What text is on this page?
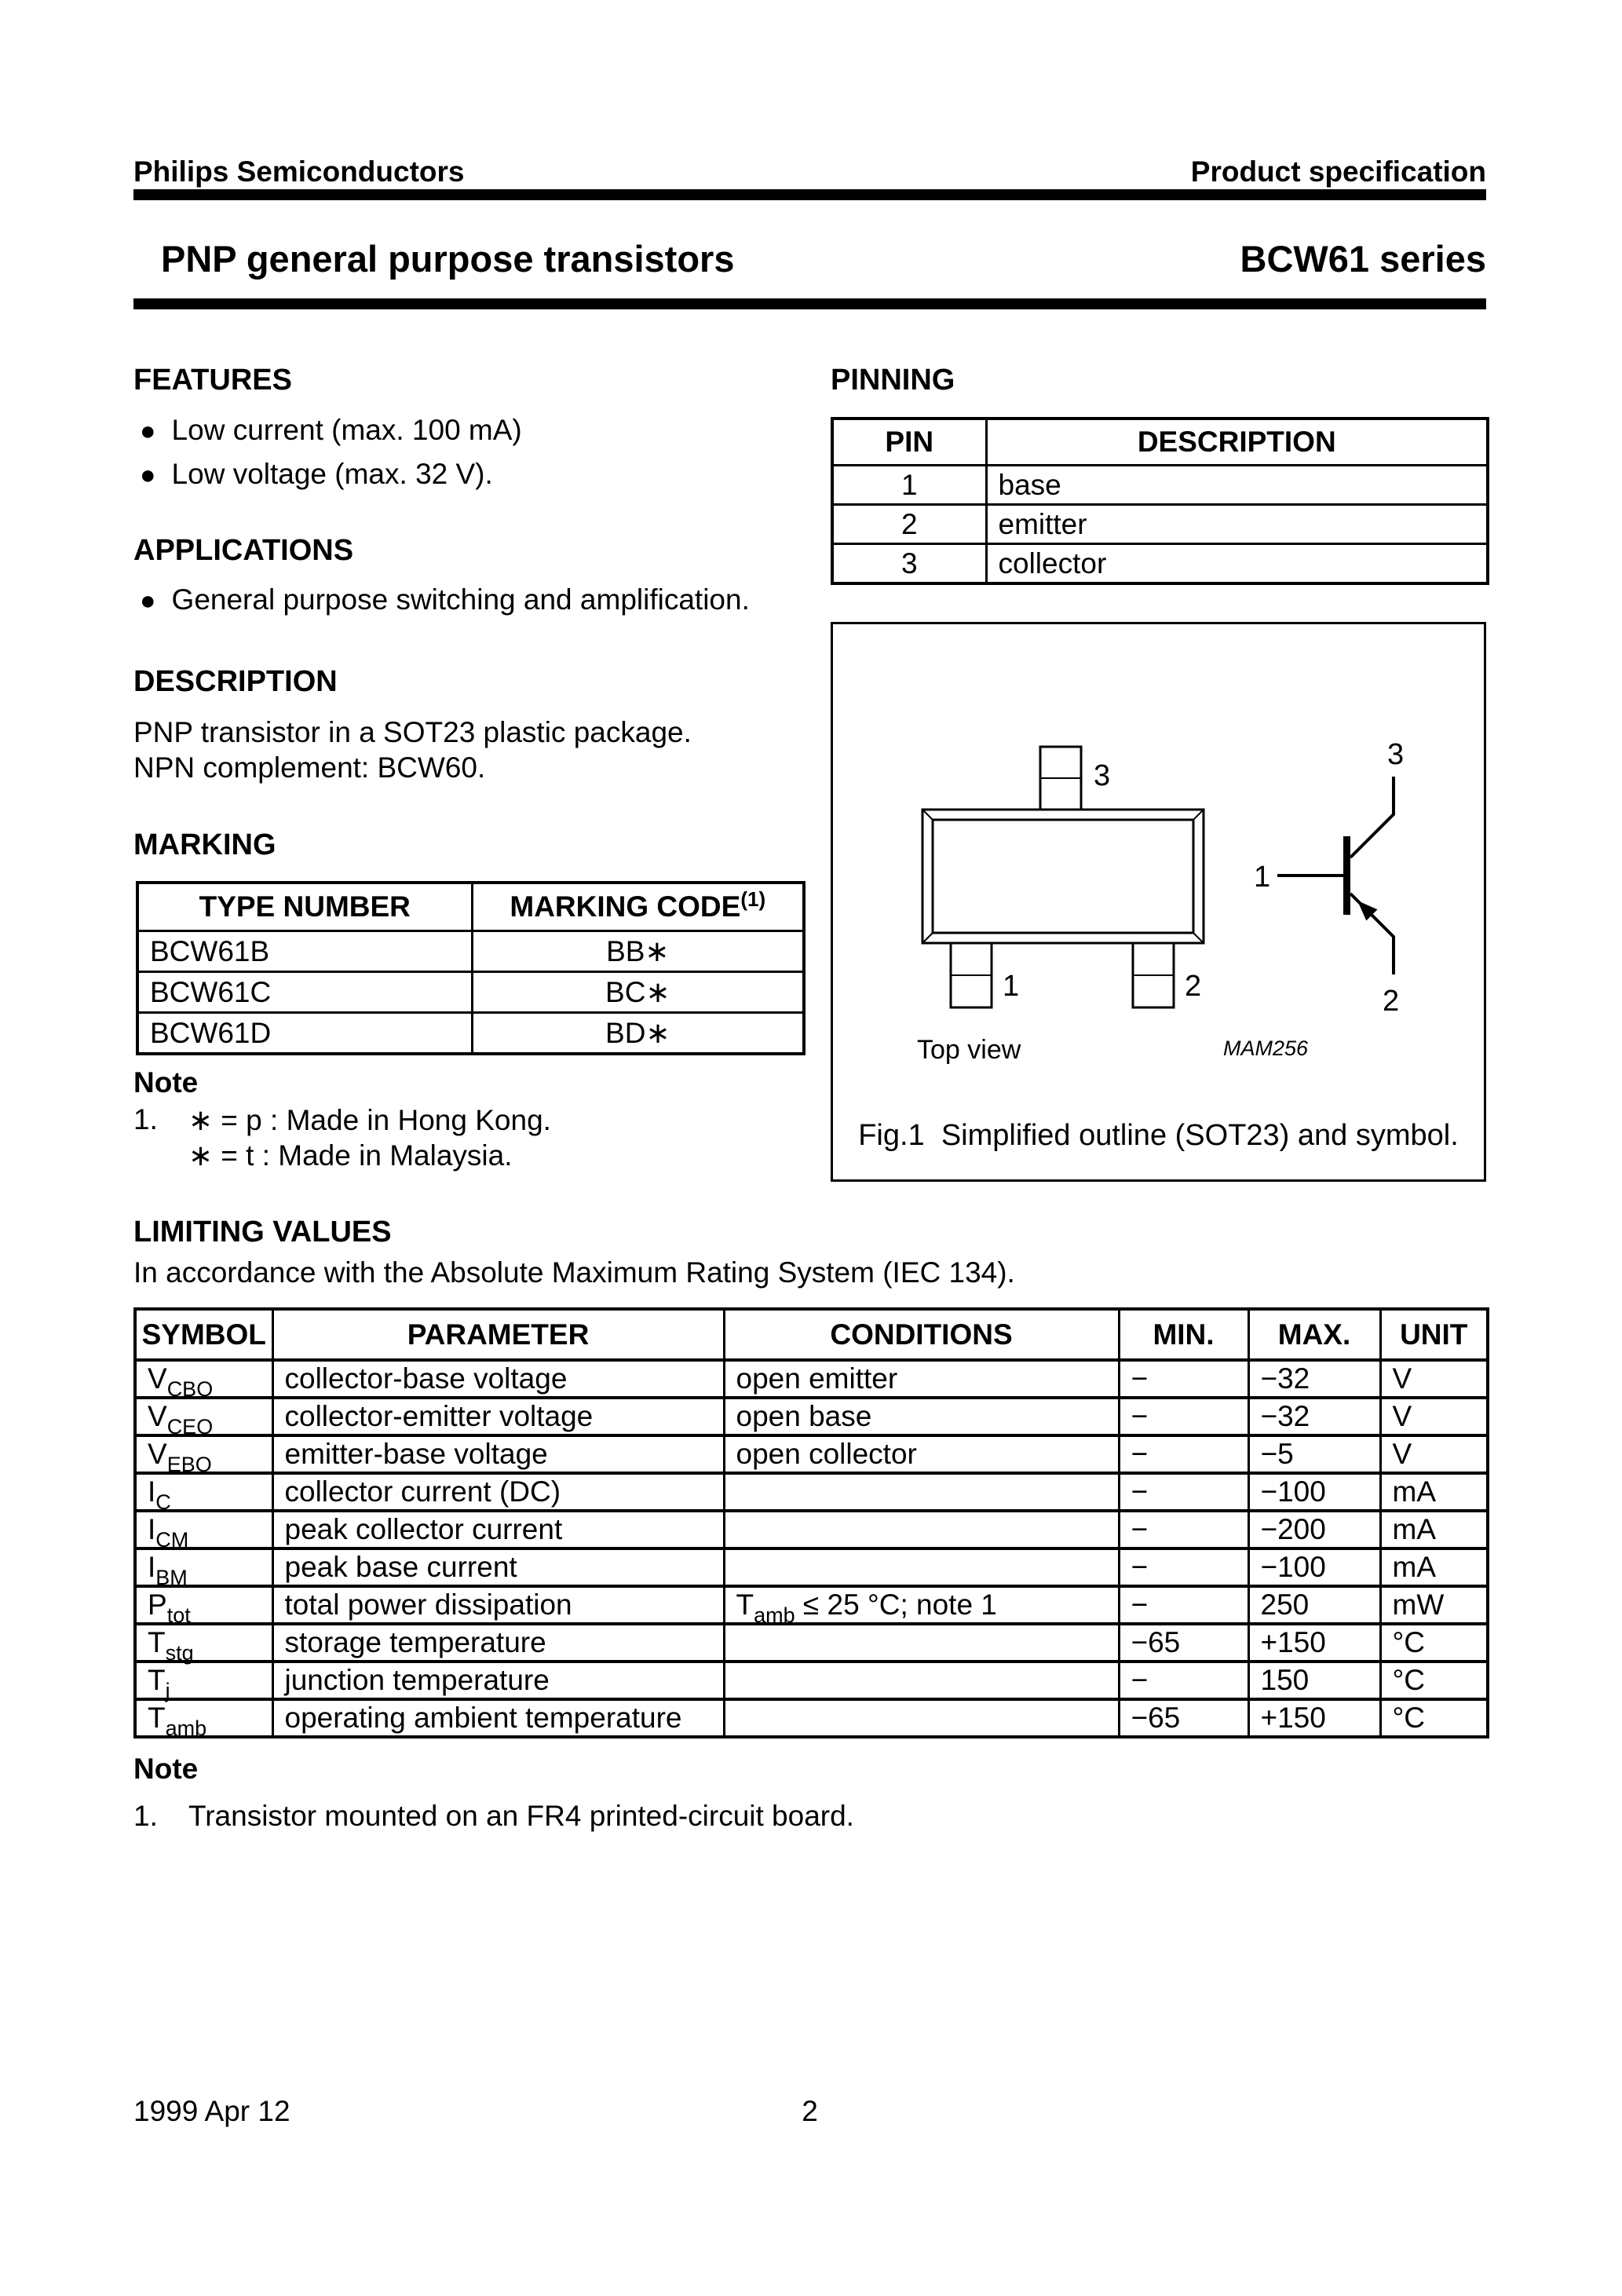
Philips Semiconductors	Product specification
PNP general purpose transistors	BCW61 series
FEATURES
● Low current (max. 100 mA)
● Low voltage (max. 32 V).
APPLICATIONS
● General purpose switching and amplification.
DESCRIPTION
PNP transistor in a SOT23 plastic package.
NPN complement: BCW60.
MARKING
TYPE NUMBER	MARKING CODE$^{(1)}$
BCW61B	BB∗
BCW61C	BC∗
BCW61D	BD∗
Note
1. ∗ = p : Made in Hong Kong.
∗ = t : Made in Malaysia.
PINNING
PIN	DESCRIPTION
1	base
2	emitter
3	collector
3
1	2
Top view	MAM256
1
3
2
Fig.1  Simplified outline (SOT23) and symbol.
LIMITING VALUES
In accordance with the Absolute Maximum Rating System (IEC 134).
SYMBOL	PARAMETER	CONDITIONS	MIN.	MAX.	UNIT
$V_{CBO}$	collector-base voltage	open emitter	−	−32	V
$V_{CEO}$	collector-emitter voltage	open base	−	−32	V
$V_{EBO}$	emitter-base voltage	open collector	−	−5	V
$I_C$	collector current (DC)		−	−100	mA
$I_{CM}$	peak collector current		−	−200	mA
$I_{BM}$	peak base current		−	−100	mA
$P_{tot}$	total power dissipation	$T_{amb} \le 25$ °C; note 1	−	250	mW
$T_{stg}$	storage temperature		−65	+150	°C
$T_j$	junction temperature		−	150	°C
$T_{amb}$	operating ambient temperature		−65	+150	°C
Note
1. Transistor mounted on an FR4 printed-circuit board.
1999 Apr 12	2
